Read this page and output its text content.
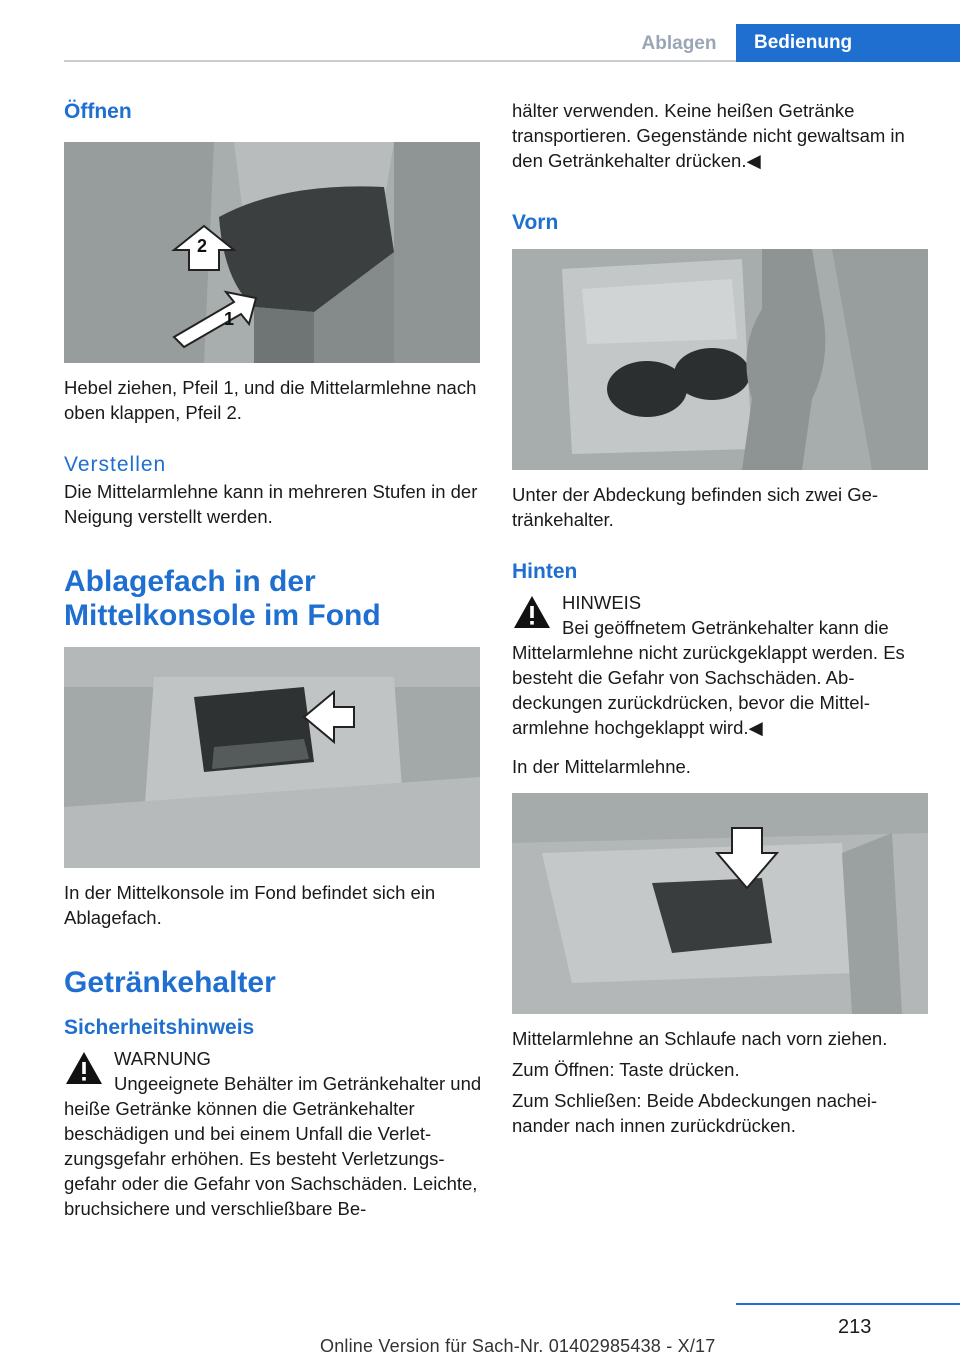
Ablagen	Bedienung
Öffnen
2
1

Hebel ziehen, Pfeil 1, und die Mittelarmlehne nach oben klappen, Pfeil 2.

Verstellen

Die Mittelarmlehne kann in mehreren Stufen in der Neigung verstellt werden.

Ablagefach in der Mittelkonsole im Fond

In der Mittelkonsole im Fond befindet sich ein Ablagefach.

Getränkehalter
Sicherheitshinweis

WARNUNG

Ungeeignete Behälter im Getränkehalter und heiße Getränke können die Getränkehalter beschädigen und bei einem Unfall die Verlet‐zungsgefahr erhöhen. Es besteht Verletzungs‐gefahr oder die Gefahr von Sachschäden. Leichte, bruchsichere und verschließbare Be‐

hälter verwenden. Keine heißen Getränke transportieren. Gegenstände nicht gewaltsam in den Getränkehalter drücken.◀

Vorn

Unter der Abdeckung befinden sich zwei Ge‐tränkehalter.

Hinten

HINWEIS

Bei geöffnetem Getränkehalter kann die Mittelarmlehne nicht zurückgeklappt werden. Es besteht die Gefahr von Sachschäden. Ab‐deckungen zurückdrücken, bevor die Mittel‐armlehne hochgeklappt wird.◀

In der Mittelarmlehne.

Mittelarmlehne an Schlaufe nach vorn ziehen.

Zum Öffnen: Taste drücken.

Zum Schließen: Beide Abdeckungen nachei‐nander nach innen zurückdrücken.

213
Online Version für Sach-Nr. 01402985438 - X/17
